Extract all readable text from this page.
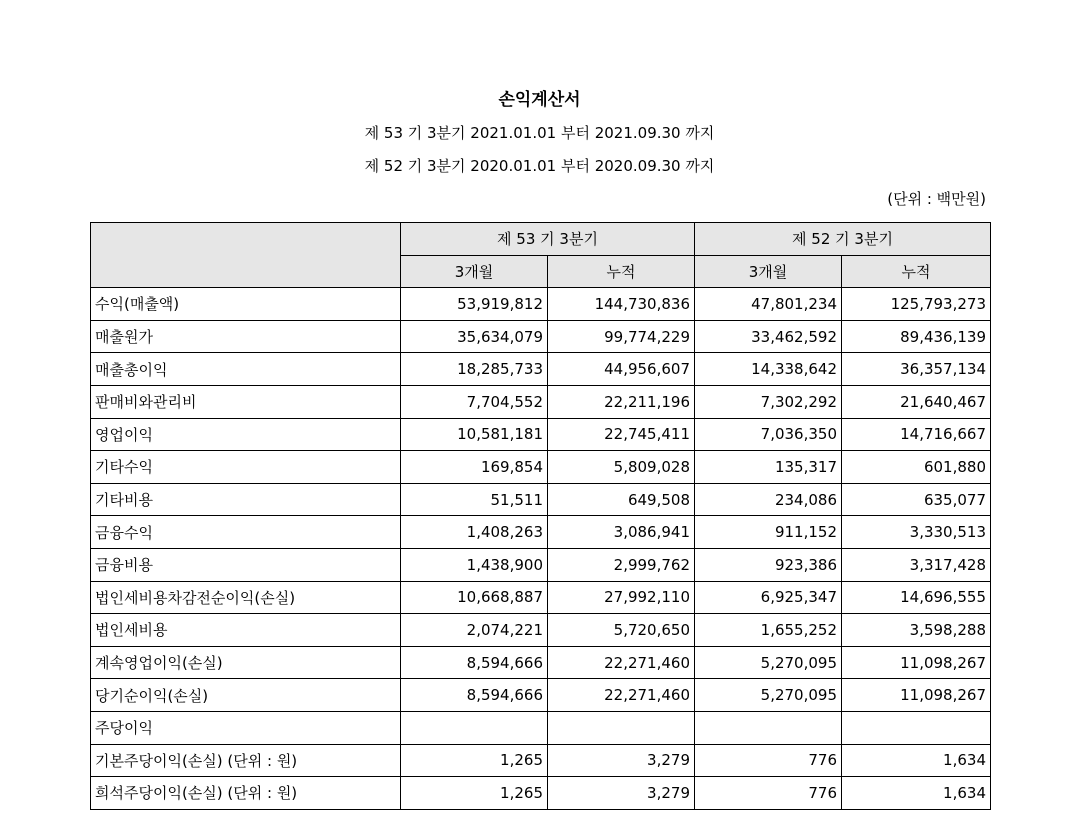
손익계산서
제 53 기 3분기 2021.01.01 부터 2021.09.30 까지
제 52 기 3분기 2020.01.01 부터 2020.09.30 까지
(단위 : 백만원)
	제 53 기 3분기		제 52 기 3분기	
	3개월	누적	3개월	누적
수익(매출액)	53,919,812	144,730,836	47,801,234	125,793,273
매출원가	35,634,079	99,774,229	33,462,592	89,436,139
매출총이익	18,285,733	44,956,607	14,338,642	36,357,134
판매비와관리비	7,704,552	22,211,196	7,302,292	21,640,467
영업이익	10,581,181	22,745,411	7,036,350	14,716,667
기타수익	169,854	5,809,028	135,317	601,880
기타비용	51,511	649,508	234,086	635,077
금융수익	1,408,263	3,086,941	911,152	3,330,513
금융비용	1,438,900	2,999,762	923,386	3,317,428
법인세비용차감전순이익(손실)	10,668,887	27,992,110	6,925,347	14,696,555
법인세비용	2,074,221	5,720,650	1,655,252	3,598,288
계속영업이익(손실)	8,594,666	22,271,460	5,270,095	11,098,267
당기순이익(손실)	8,594,666	22,271,460	5,270,095	11,098,267
주당이익				
기본주당이익(손실) (단위 : 원)	1,265	3,279	776	1,634
희석주당이익(손실) (단위 : 원)	1,265	3,279	776	1,634
